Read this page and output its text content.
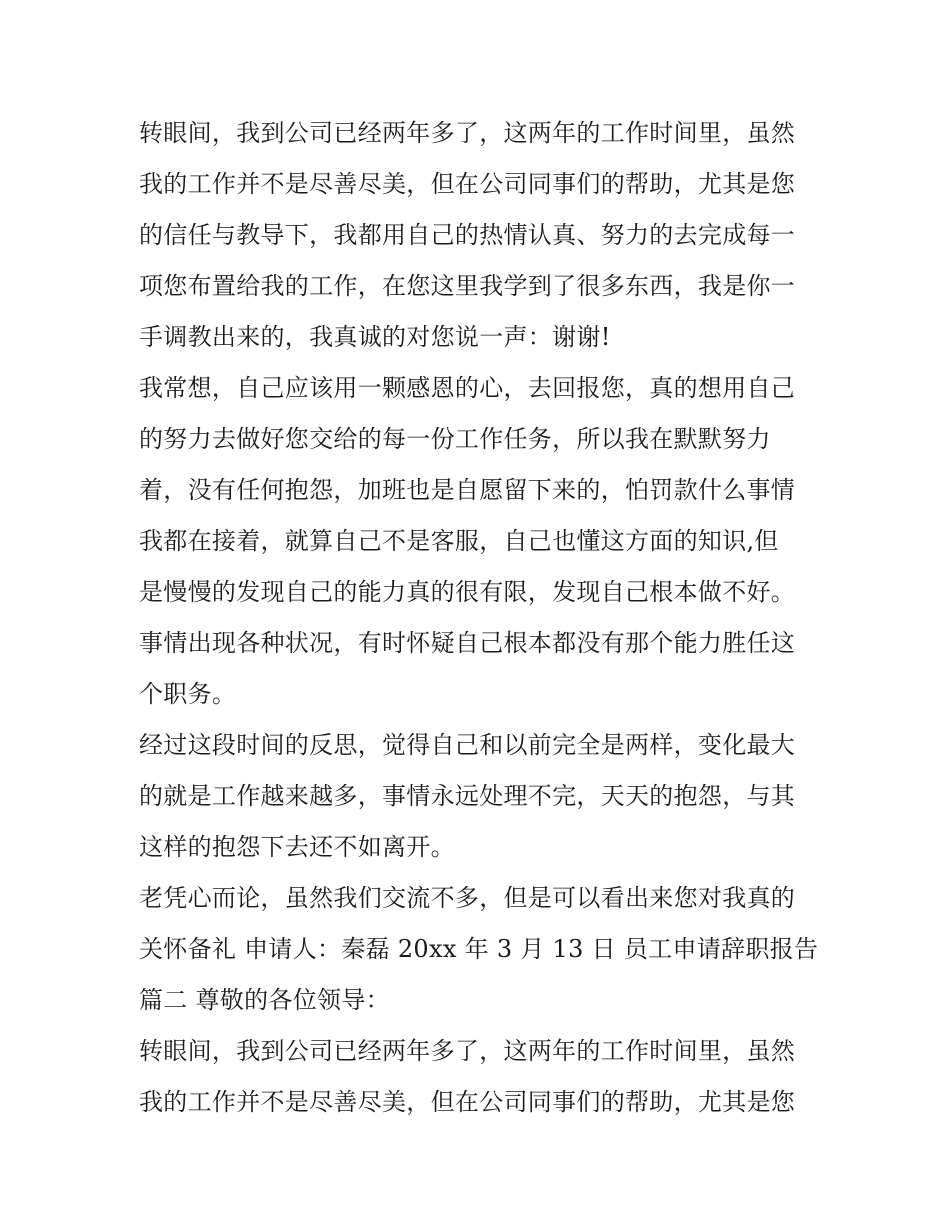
转眼间，我到公司已经两年多了，这两年的工作时间里，虽然
我的工作并不是尽善尽美，但在公司同事们的帮助，尤其是您
的信任与教导下，我都用自己的热情认真、努力的去完成每一
项您布置给我的工作，在您这里我学到了很多东西，我是你一
手调教出来的，我真诚的对您说一声：谢谢!
我常想，自己应该用一颗感恩的心，去回报您，真的想用自己
的努力去做好您交给的每一份工作任务，所以我在默默努力
着，没有任何抱怨，加班也是自愿留下来的，怕罚款什么事情
我都在接着，就算自己不是客服，自己也懂这方面的知识,但
是慢慢的发现自己的能力真的很有限，发现自己根本做不好。
事情出现各种状况，有时怀疑自己根本都没有那个能力胜任这
个职务。
经过这段时间的反思，觉得自己和以前完全是两样，变化最大
的就是工作越来越多，事情永远处理不完，天天的抱怨，与其
这样的抱怨下去还不如离开。
老凭心而论，虽然我们交流不多，但是可以看出来您对我真的
关怀备礼 申请人：秦磊 20xx 年 3 月 13 日 员工申请辞职报告
篇二 尊敬的各位领导：
转眼间，我到公司已经两年多了，这两年的工作时间里，虽然
我的工作并不是尽善尽美，但在公司同事们的帮助，尤其是您
